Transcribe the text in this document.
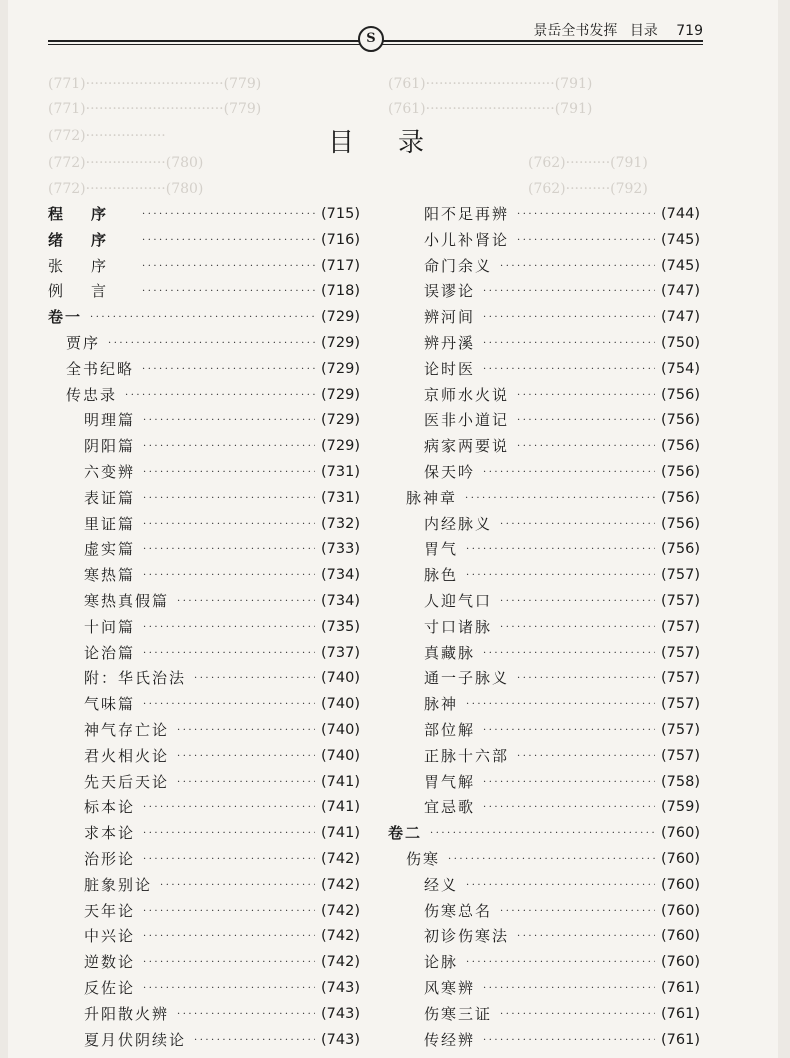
(771)·······························(779)	(761)·····························(791)
(771)·······························(779)	(761)·····························(791)
(772)··················
(772)··················(780)
(772)··················(780)
(762)··········(791)
(762)··········(792)
S	景岳全书发挥 目录 719
目录
程序 ·····	(715)
绪序 ·····	(716)
张序 ·····	(717)
例言 ·····	(718)
卷一 ·····	(729)
贾序 ·····	(729)
全书纪略 ·····	(729)
传忠录 ·····	(729)
明理篇 ·····	(729)
阴阳篇 ·····	(729)
六变辨 ·····	(731)
表证篇 ·····	(731)
里证篇 ·····	(732)
虚实篇 ·····	(733)
寒热篇 ·····	(734)
寒热真假篇 ·····	(734)
十问篇 ·····	(735)
论治篇 ·····	(737)
附：华氏治法 ·····	(740)
气味篇 ·····	(740)
神气存亡论 ·····	(740)
君火相火论 ·····	(740)
先天后天论 ·····	(741)
标本论 ·····	(741)
求本论 ·····	(741)
治形论 ·····	(742)
脏象别论 ·····	(742)
天年论 ·····	(742)
中兴论 ·····	(742)
逆数论 ·····	(742)
反佐论 ·····	(743)
升阳散火辨 ·····	(743)
夏月伏阴续论 ·····	(743)
阳不足再辨 ·····	(744)
小儿补肾论 ·····	(745)
命门余义 ·····	(745)
误谬论 ·····	(747)
辨河间 ·····	(747)
辨丹溪 ·····	(750)
论时医 ·····	(754)
京师水火说 ·····	(756)
医非小道记 ·····	(756)
病家两要说 ·····	(756)
保天吟 ·····	(756)
脉神章 ·····	(756)
内经脉义 ·····	(756)
胃气 ·····	(756)
脉色 ·····	(757)
人迎气口 ·····	(757)
寸口诸脉 ·····	(757)
真藏脉 ·····	(757)
通一子脉义 ·····	(757)
脉神 ·····	(757)
部位解 ·····	(757)
正脉十六部 ·····	(757)
胃气解 ·····	(758)
宜忌歌 ·····	(759)
卷二 ·····	(760)
伤寒 ·····	(760)
经义 ·····	(760)
伤寒总名 ·····	(760)
初诊伤寒法 ·····	(760)
论脉 ·····	(760)
风寒辨 ·····	(761)
伤寒三证 ·····	(761)
传经辨 ·····	(761)
